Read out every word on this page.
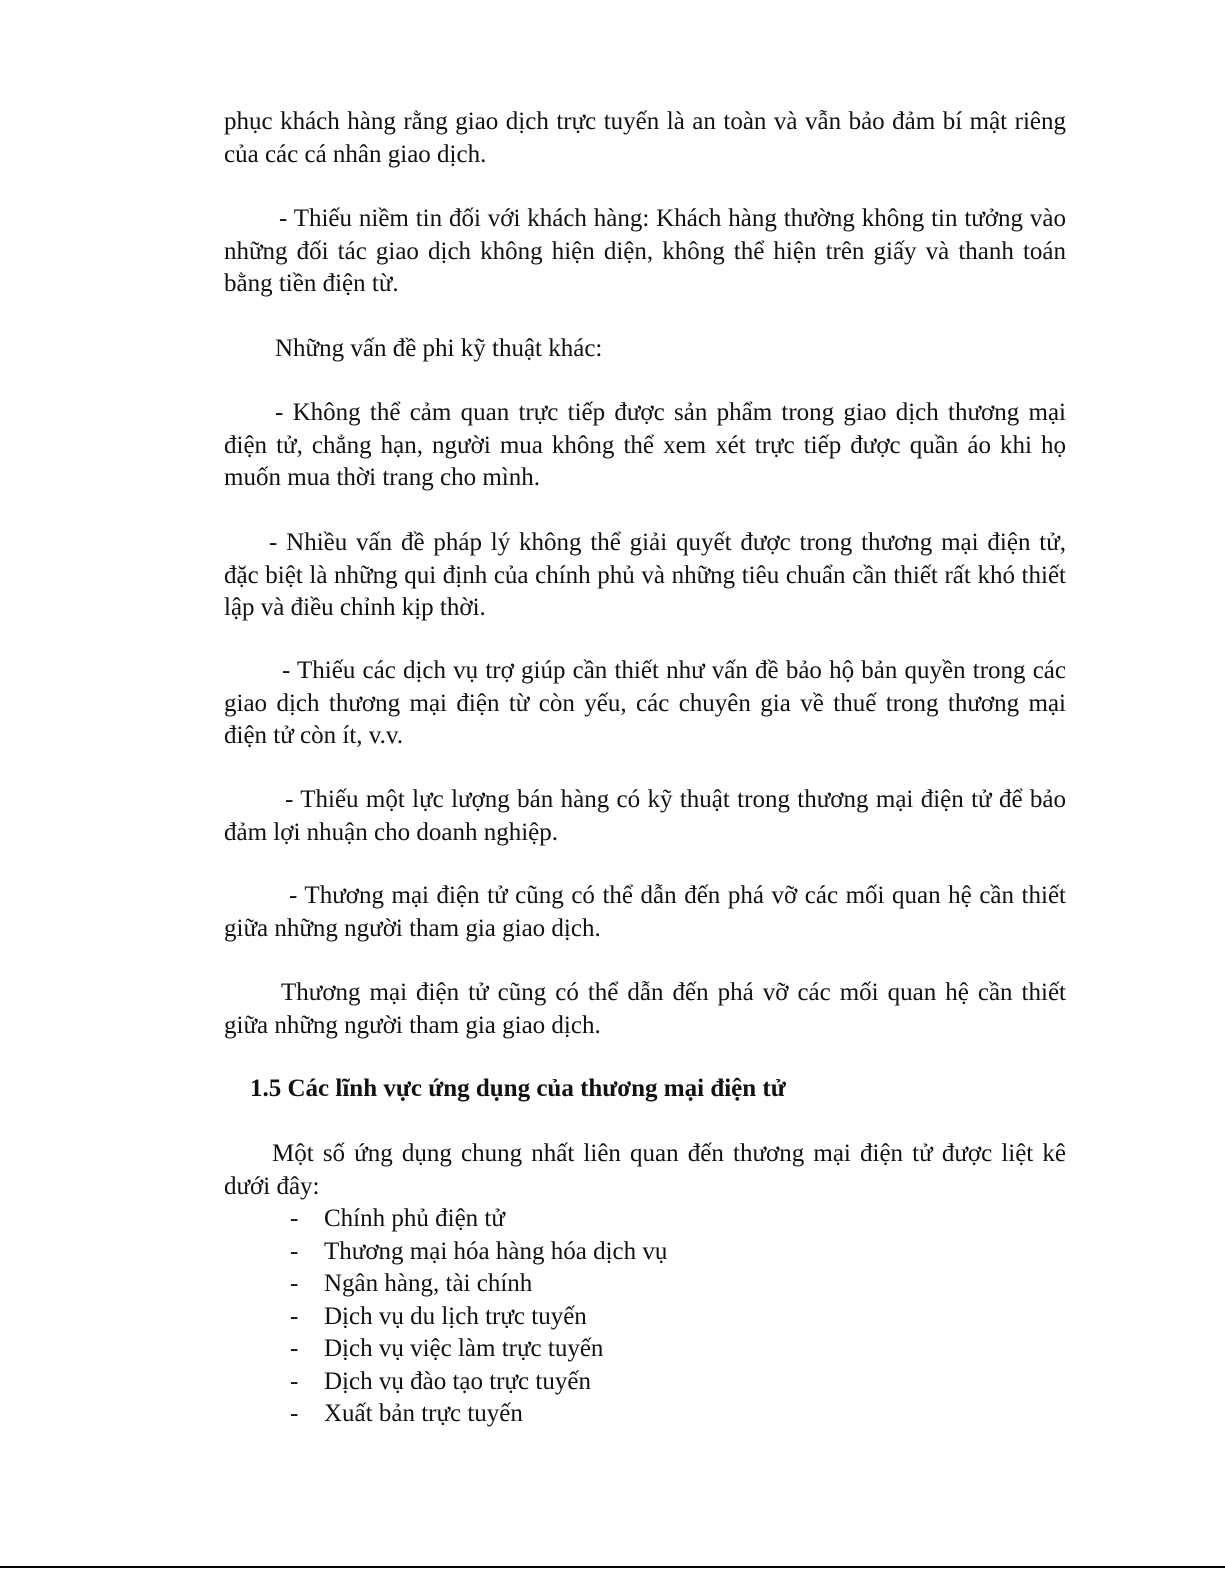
phục khách hàng rằng giao dịch trực tuyến là an toàn và vẫn bảo đảm bí mật riêng của các cá nhân giao dịch.

- Thiếu niềm tin đối với khách hàng: Khách hàng thường không tin tưởng vào những đối tác giao dịch không hiện diện, không thể hiện trên giấy và thanh toán bằng tiền điện từ.

Những vấn đề phi kỹ thuật khác:

- Không thể cảm quan trực tiếp được sản phẩm trong giao dịch thương mại điện tử, chẳng hạn, người mua không thể xem xét trực tiếp được quần áo khi họ muốn mua thời trang cho mình.

- Nhiều vấn đề pháp lý không thể giải quyết được trong thương mại điện tử, đặc biệt là những qui định của chính phủ và những tiêu chuẩn cần thiết rất khó thiết lập và điều chỉnh kịp thời.

- Thiếu các dịch vụ trợ giúp cần thiết như vấn đề bảo hộ bản quyền trong các giao dịch thương mại điện từ còn yếu, các chuyên gia về thuế trong thương mại điện tử còn ít, v.v.

- Thiếu một lực lượng bán hàng có kỹ thuật trong thương mại điện tử để bảo đảm lợi nhuận cho doanh nghiệp.

- Thương mại điện tử cũng có thể dẫn đến phá vỡ các mối quan hệ cần thiết giữa những người tham gia giao dịch.

Thương mại điện tử cũng có thể dẫn đến phá vỡ các mối quan hệ cần thiết giữa những người tham gia giao dịch.

1.5 Các lĩnh vực ứng dụng của thương mại điện tử

Một số ứng dụng chung nhất liên quan đến thương mại điện tử được liệt kê dưới đây:

- Chính phủ điện tử
- Thương mại hóa hàng hóa dịch vụ
- Ngân hàng, tài chính
- Dịch vụ du lịch trực tuyến
- Dịch vụ việc làm trực tuyến
- Dịch vụ đào tạo trực tuyến
- Xuất bản trực tuyến
